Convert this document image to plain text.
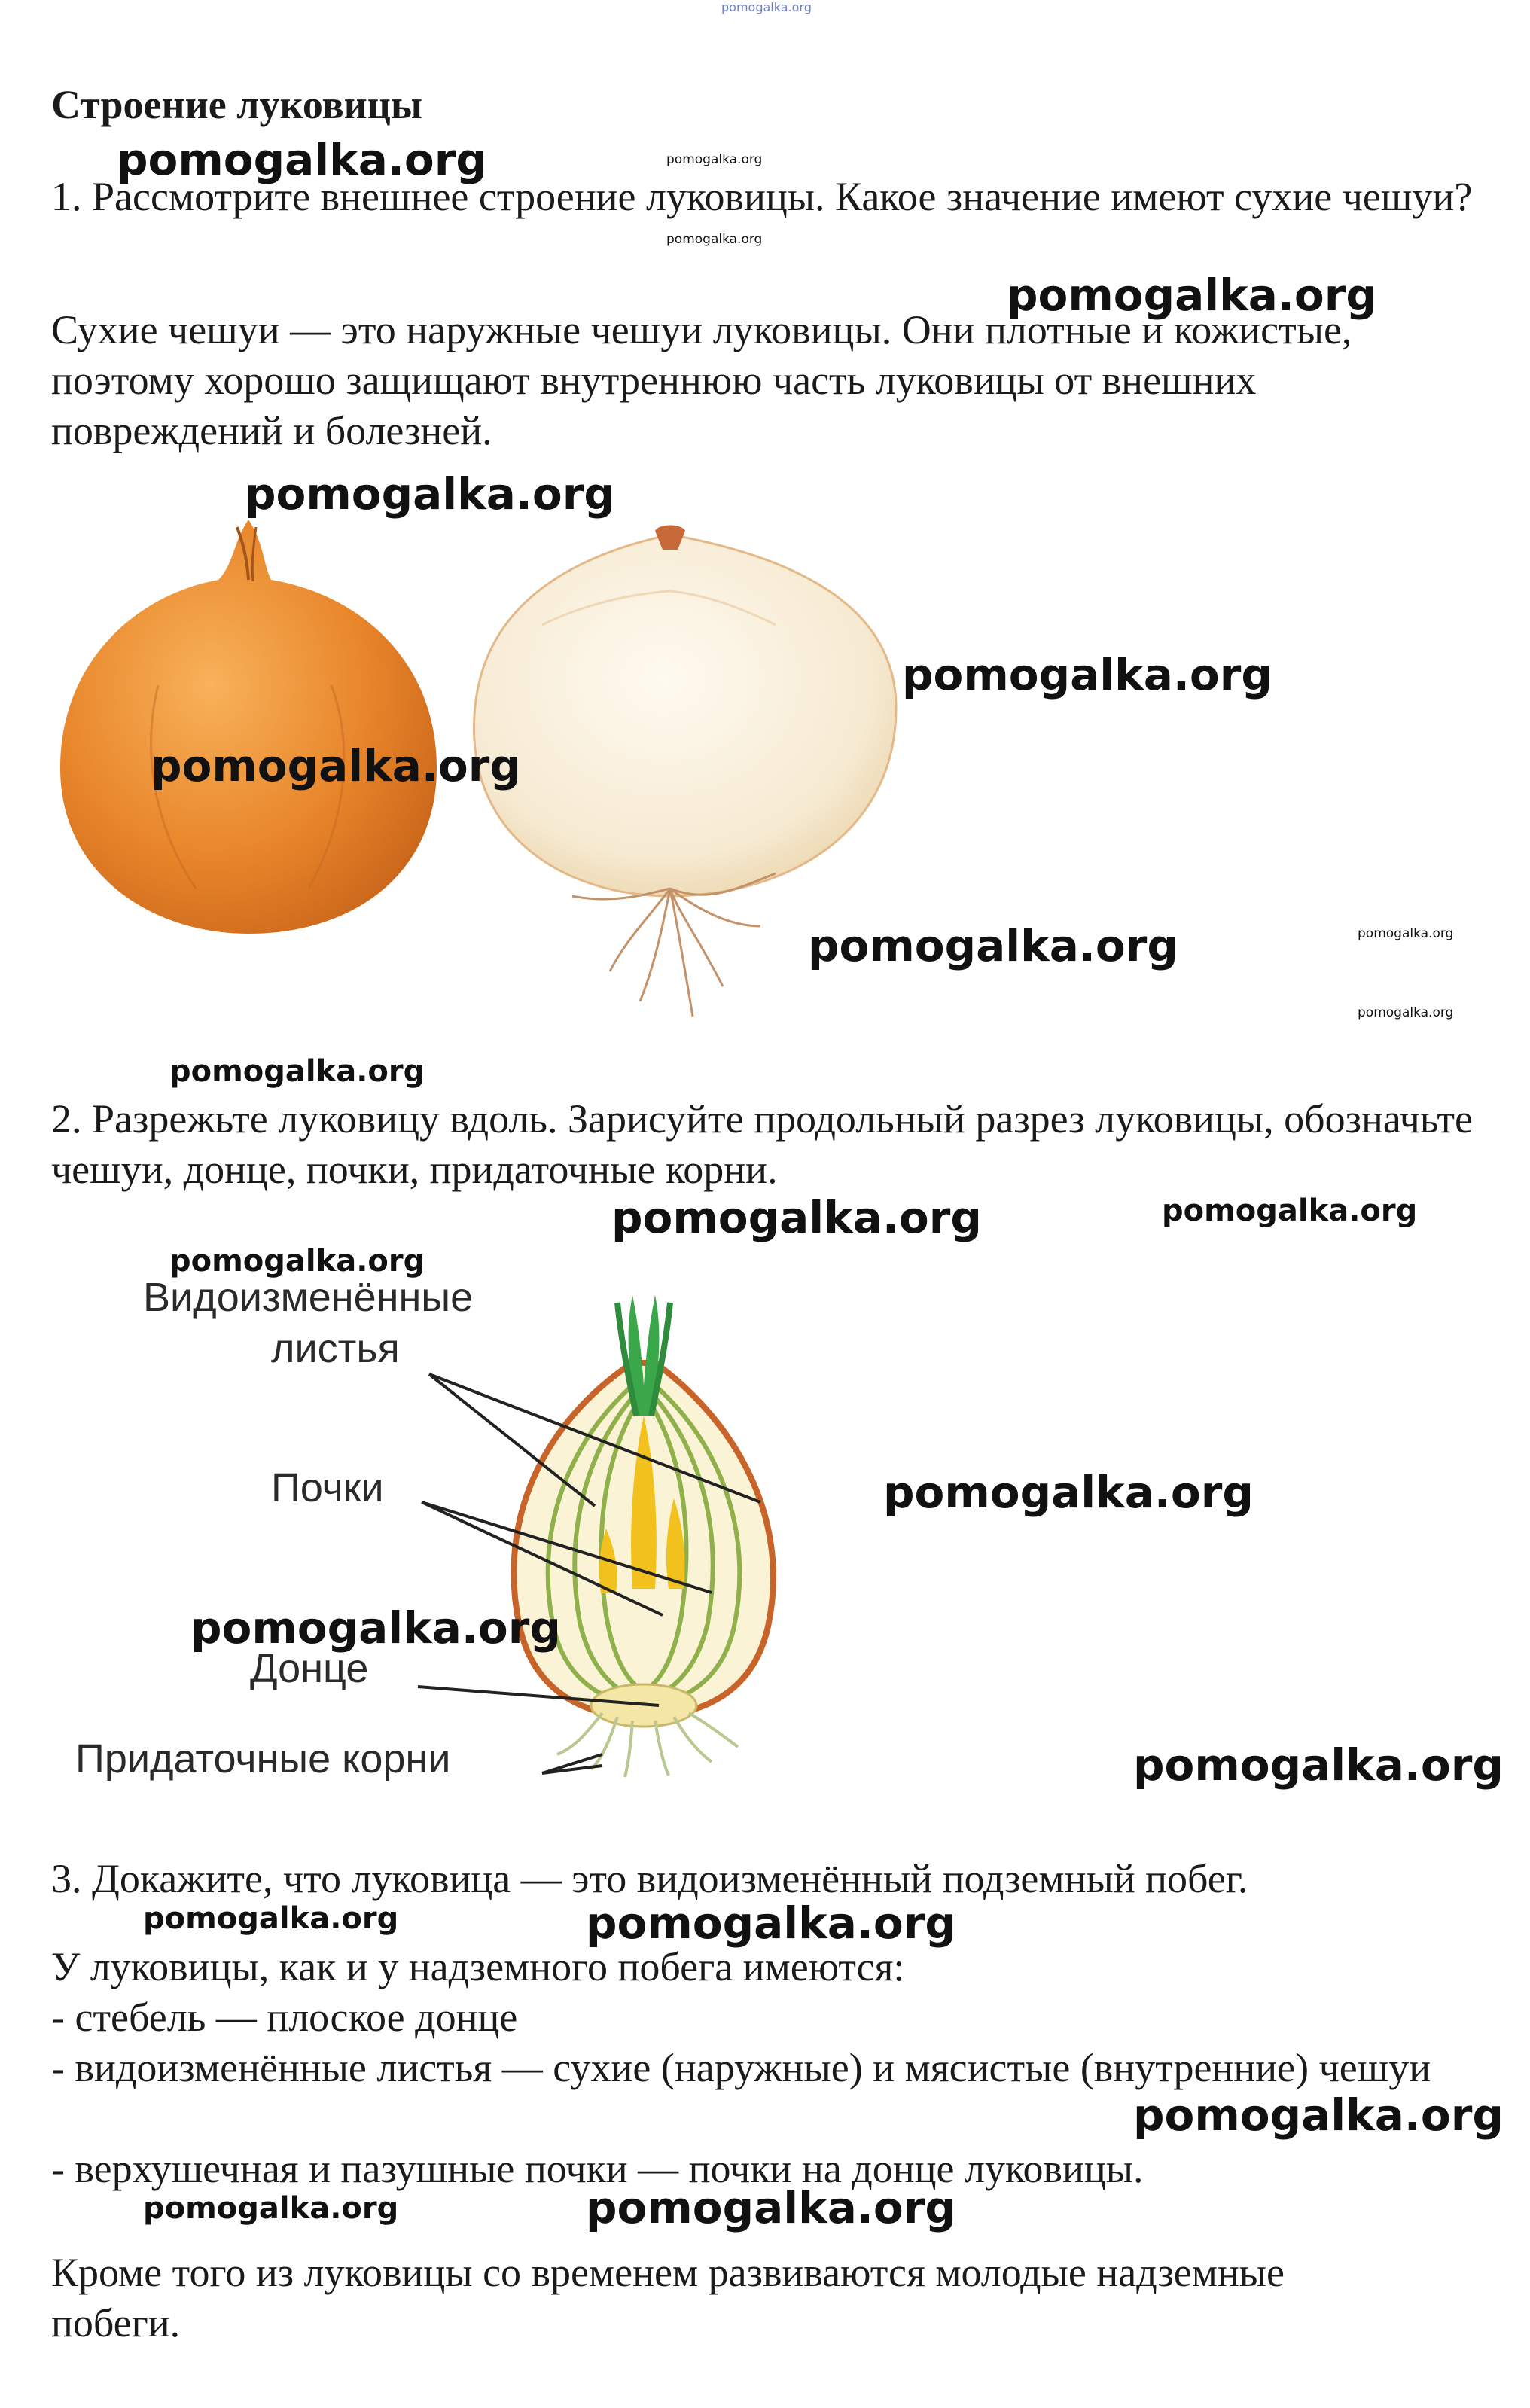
pomogalka.org
Строение луковицы
1. Рассмотрите внешнее строение луковицы. Какое значение имеют сухие чешуи?
Сухие чешуи — это наружные чешуи луковицы. Они плотные и кожистые, поэтому хорошо защищают внутреннюю часть луковицы от внешних повреждений и болезней.
2. Разрежьте луковицу вдоль. Зарисуйте продольный разрез луковицы, обозначьте чешуи, донце, почки, придаточные корни.
Видоизменённые
листья
Почки
Донце
Придаточные корни
3. Докажите, что луковица — это видоизменённый подземный побег.
У луковицы, как и у надземного побега имеются:
- стебель — плоское донце
- видоизменённые листья — сухие (наружные) и мясистые (внутренние) чешуи
- верхушечная и пазушные почки — почки на донце луковицы.
Кроме того из луковицы со временем развиваются молодые надземные побеги.
pomogalka.org
pomogalka.org
pomogalka.org
pomogalka.org
pomogalka.org
pomogalka.org
pomogalka.org
pomogalka.org
pomogalka.org
pomogalka.org
pomogalka.org
pomogalka.org
pomogalka.org
pomogalka.org
pomogalka.org
pomogalka.org
pomogalka.org
pomogalka.org
pomogalka.org
pomogalka.org
pomogalka.org
pomogalka.org
